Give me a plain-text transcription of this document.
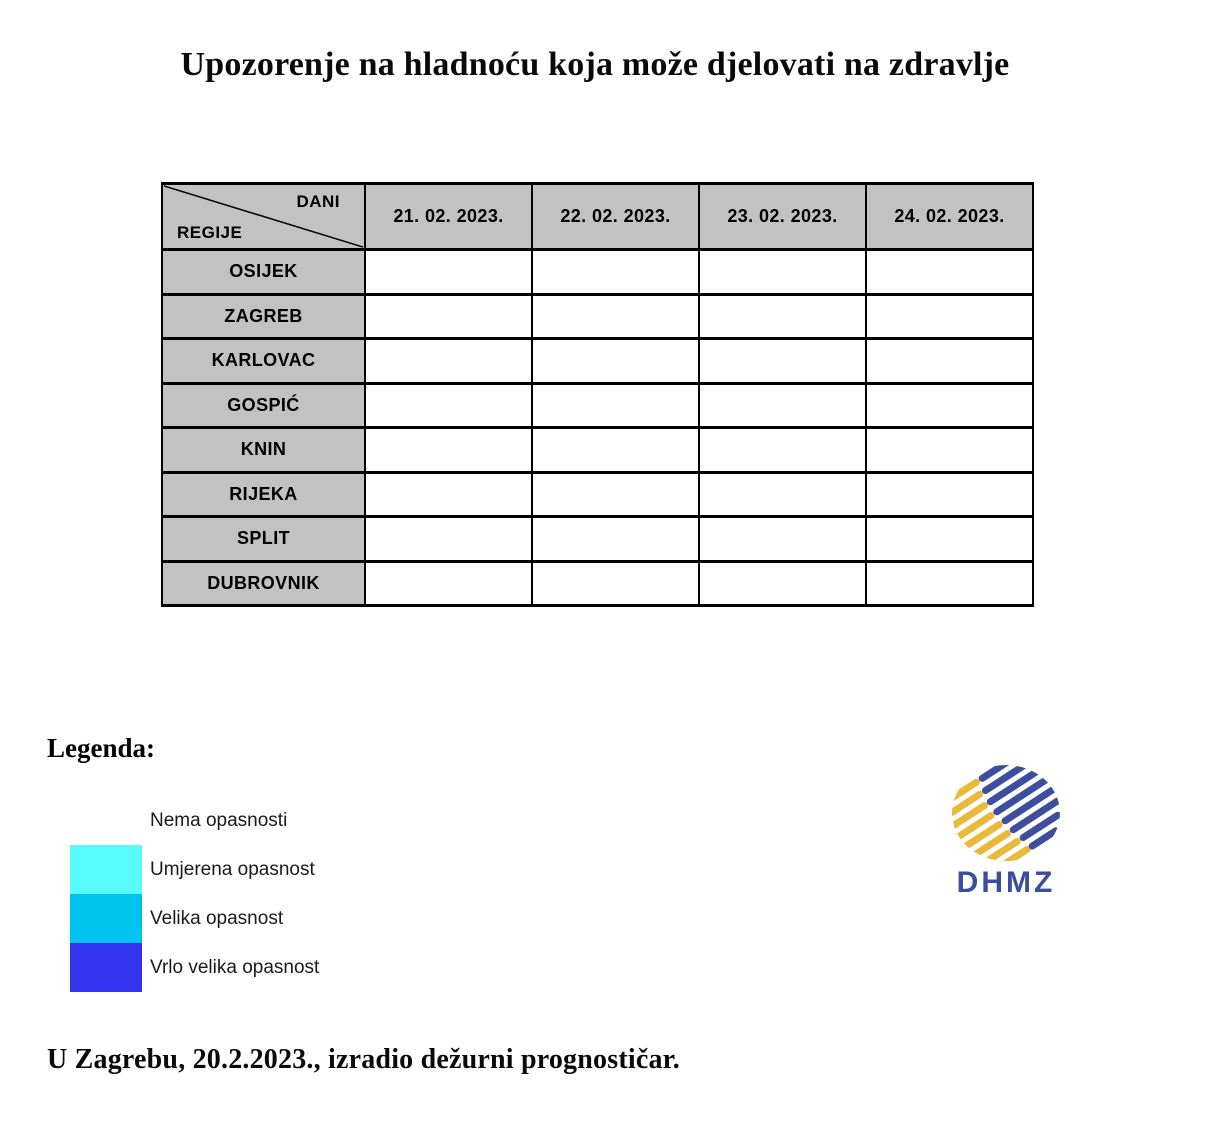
Upozorenje na hladnoću koja može djelovati na zdravlje
DANI
REGIJE	21. 02. 2023.	22. 02. 2023.	23. 02. 2023.	24. 02. 2023.
OSIJEK				
ZAGREB				
KARLOVAC				
GOSPIĆ				
KNIN				
RIJEKA				
SPLIT				
DUBROVNIK				
Legenda:
Nema opasnosti
Umjerena opasnost
Velika opasnost
Vrlo velika opasnost
DHMZ
U Zagrebu, 20.2.2023., izradio dežurni prognostičar.
